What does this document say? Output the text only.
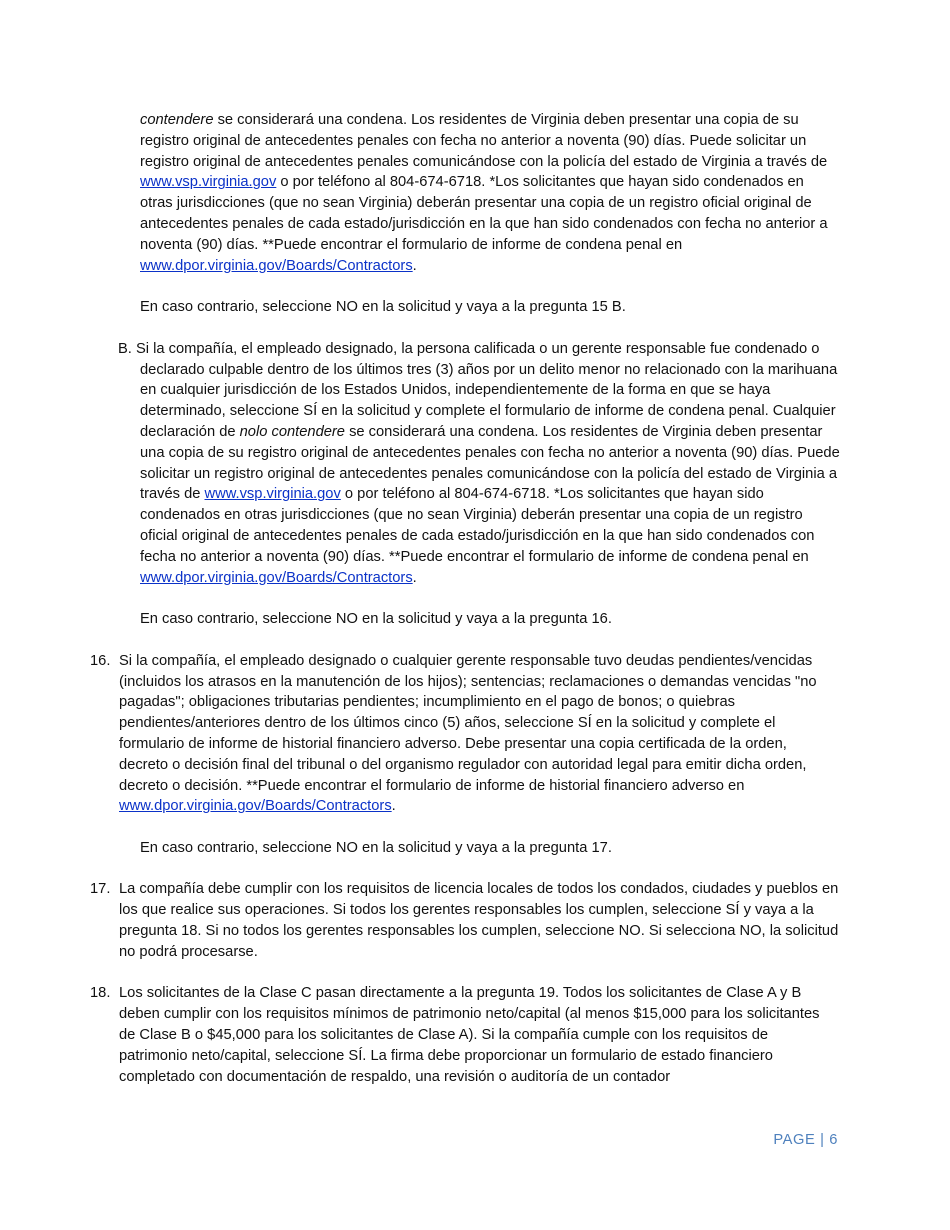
contendere se considerará una condena. Los residentes de Virginia deben presentar una copia de su registro original de antecedentes penales con fecha no anterior a noventa (90) días. Puede solicitar un registro original de antecedentes penales comunicándose con la policía del estado de Virginia a través de www.vsp.virginia.gov o por teléfono al 804-674-6718. *Los solicitantes que hayan sido condenados en otras jurisdicciones (que no sean Virginia) deberán presentar una copia de un registro oficial original de antecedentes penales de cada estado/jurisdicción en la que han sido condenados con fecha no anterior a noventa (90) días. **Puede encontrar el formulario de informe de condena penal en www.dpor.virginia.gov/Boards/Contractors.

En caso contrario, seleccione NO en la solicitud y vaya a la pregunta 15 B.

B. Si la compañía, el empleado designado, la persona calificada o un gerente responsable fue condenado o declarado culpable dentro de los últimos tres (3) años por un delito menor no relacionado con la marihuana en cualquier jurisdicción de los Estados Unidos, independientemente de la forma en que se haya determinado, seleccione SÍ en la solicitud y complete el formulario de informe de condena penal. Cualquier declaración de nolo contendere se considerará una condena. Los residentes de Virginia deben presentar una copia de su registro original de antecedentes penales con fecha no anterior a noventa (90) días. Puede solicitar un registro original de antecedentes penales comunicándose con la policía del estado de Virginia a través de www.vsp.virginia.gov o por teléfono al 804-674-6718. *Los solicitantes que hayan sido condenados en otras jurisdicciones (que no sean Virginia) deberán presentar una copia de un registro oficial original de antecedentes penales de cada estado/jurisdicción en la que han sido condenados con fecha no anterior a noventa (90) días. **Puede encontrar el formulario de informe de condena penal en www.dpor.virginia.gov/Boards/Contractors.

En caso contrario, seleccione NO en la solicitud y vaya a la pregunta 16.

16. Si la compañía, el empleado designado o cualquier gerente responsable tuvo deudas pendientes/vencidas (incluidos los atrasos en la manutención de los hijos); sentencias; reclamaciones o demandas vencidas "no pagadas"; obligaciones tributarias pendientes; incumplimiento en el pago de bonos; o quiebras pendientes/anteriores dentro de los últimos cinco (5) años, seleccione SÍ en la solicitud y complete el formulario de informe de historial financiero adverso. Debe presentar una copia certificada de la orden, decreto o decisión final del tribunal o del organismo regulador con autoridad legal para emitir dicha orden, decreto o decisión. **Puede encontrar el formulario de informe de historial financiero adverso en www.dpor.virginia.gov/Boards/Contractors.

En caso contrario, seleccione NO en la solicitud y vaya a la pregunta 17.

17. La compañía debe cumplir con los requisitos de licencia locales de todos los condados, ciudades y pueblos en los que realice sus operaciones. Si todos los gerentes responsables los cumplen, seleccione SÍ y vaya a la pregunta 18. Si no todos los gerentes responsables los cumplen, seleccione NO. Si selecciona NO, la solicitud no podrá procesarse.

18. Los solicitantes de la Clase C pasan directamente a la pregunta 19. Todos los solicitantes de Clase A y B deben cumplir con los requisitos mínimos de patrimonio neto/capital (al menos $15,000 para los solicitantes de Clase B o $45,000 para los solicitantes de Clase A). Si la compañía cumple con los requisitos de patrimonio neto/capital, seleccione SÍ. La firma debe proporcionar un formulario de estado financiero completado con documentación de respaldo, una revisión o auditoría de un contador

PAGE | 6
